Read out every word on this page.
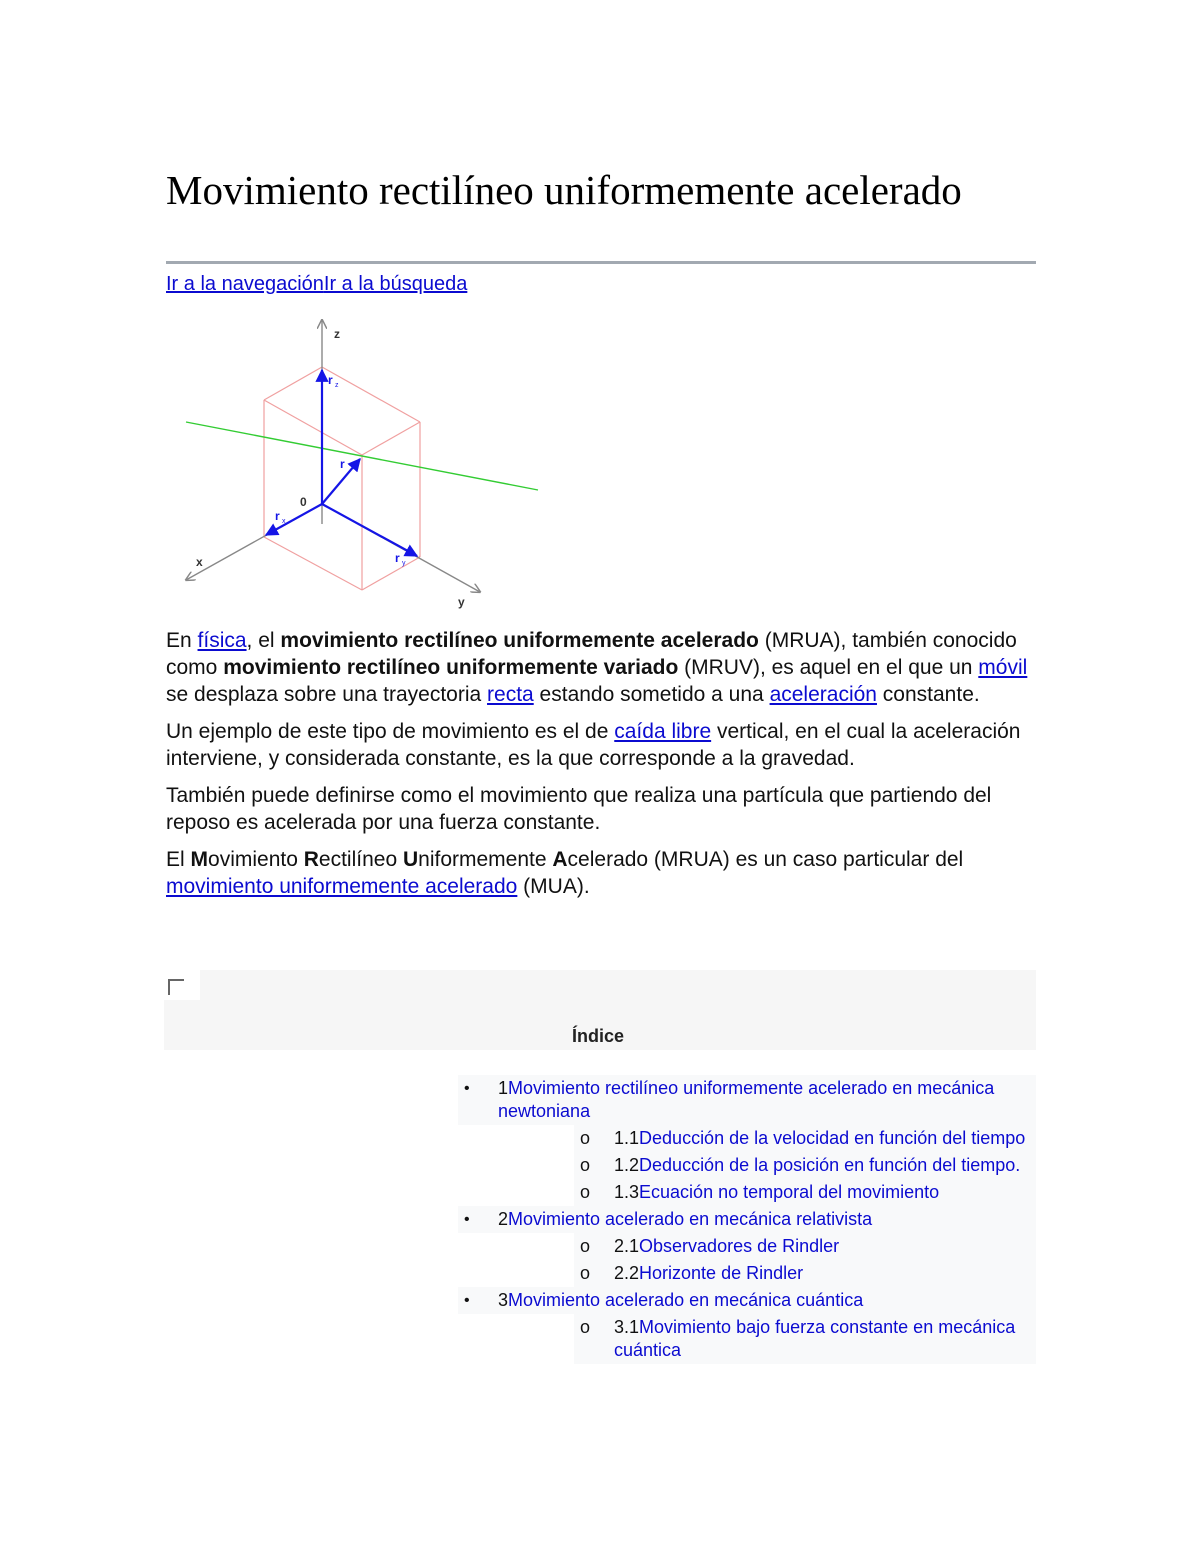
Movimiento rectilíneo uniformemente acelerado
Ir a la navegaciónIr a la búsqueda
z
x
y
0
r
r
r
r
z
x
y

En física, el movimiento rectilíneo uniformemente acelerado (MRUA), también conocido como movimiento rectilíneo uniformemente variado (MRUV), es aquel en el que un móvil se desplaza sobre una trayectoria recta estando sometido a una aceleración constante.

Un ejemplo de este tipo de movimiento es el de caída libre vertical, en el cual la aceleración interviene, y considerada constante, es la que corresponde a la gravedad.

También puede definirse como el movimiento que realiza una partícula que partiendo del reposo es acelerada por una fuerza constante.

El Movimiento Rectilíneo Uniformemente Acelerado (MRUA) es un caso particular del movimiento uniformemente acelerado (MUA).

Índice
• 1Movimiento rectilíneo uniformemente acelerado en mecánica newtoniana
o 1.1Deducción de la velocidad en función del tiempo
o 1.2Deducción de la posición en función del tiempo.
o 1.3Ecuación no temporal del movimiento
• 2Movimiento acelerado en mecánica relativista
o 2.1Observadores de Rindler
o 2.2Horizonte de Rindler
• 3Movimiento acelerado en mecánica cuántica
o 3.1Movimiento bajo fuerza constante en mecánica cuántica
